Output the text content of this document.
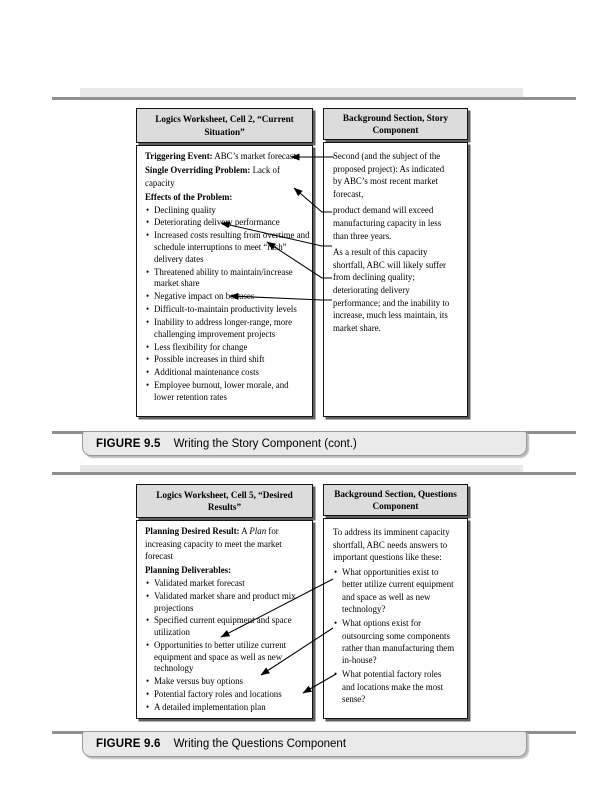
Logics Worksheet, Cell 2, “Current Situation”
Background Section, Story Component
Triggering Event: ABC’s market forecast
Single Overriding Problem: Lack of capacity
Effects of the Problem:
• Declining quality
• Deteriorating delivery performance
• Increased costs resulting from overtime and schedule interruptions to meet “rush” delivery dates
• Threatened ability to maintain/increase market share
• Negative impact on bonuses
• Difficult-to-maintain productivity levels
• Inability to address longer-range, more challenging improvement projects
• Less flexibility for change
• Possible increases in third shift
• Additional maintenance costs
• Employee burnout, lower morale, and lower retention rates

Second (and the subject of the proposed project): As indicated by ABC’s most recent market forecast,

product demand will exceed manufacturing capacity in less than three years.

As a result of this capacity shortfall, ABC will likely suffer from declining quality; deteriorating delivery performance; and the inability to increase, much less maintain, its market share.

FIGURE 9.5 Writing the Story Component (cont.)
Logics Worksheet, Cell 5, “Desired Results”
Background Section, Questions Component
Planning Desired Result: A Plan for increasing capacity to meet the market forecast
Planning Deliverables:
• Validated market forecast
• Validated market share and product mix projections
• Specified current equipment and space utilization
• Opportunities to better utilize current equipment and space as well as new technology
• Make versus buy options
• Potential factory roles and locations
• A detailed implementation plan

To address its imminent capacity shortfall, ABC needs answers to important questions like these:

• What opportunities exist to better utilize current equipment and space as well as new technology?
• What options exist for outsourcing some components rather than manufacturing them in-house?
• What potential factory roles and locations make the most sense?
FIGURE 9.6 Writing the Questions Component
